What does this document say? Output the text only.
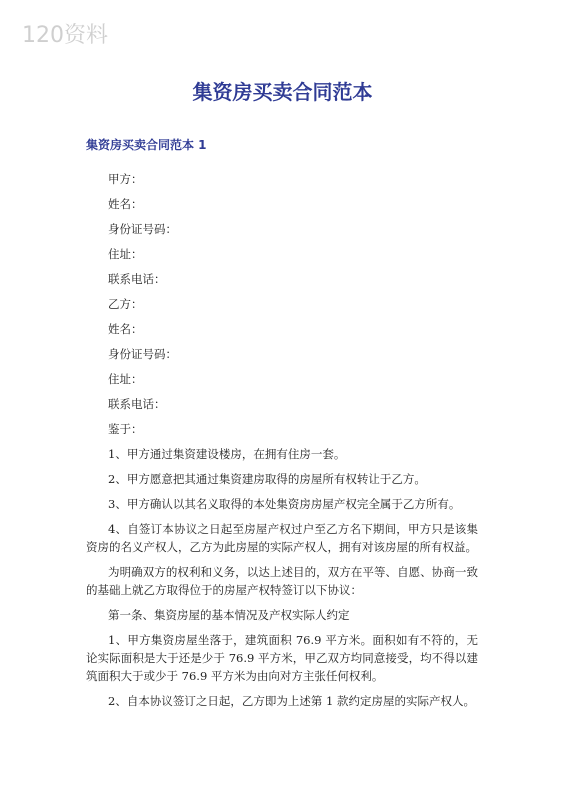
120资料
集资房买卖合同范本
集资房买卖合同范本 1
甲方：
姓名：
身份证号码：
住址：
联系电话：
乙方：
姓名：
身份证号码：
住址：
联系电话：
鉴于：

1、甲方通过集资建设楼房，在拥有住房一套。

2、甲方愿意把其通过集资建房取得的房屋所有权转让于乙方。

3、甲方确认以其名义取得的本处集资房房屋产权完全属于乙方所有。

4、自签订本协议之日起至房屋产权过户至乙方名下期间，甲方只是该集资房的名义产权人，乙方为此房屋的实际产权人，拥有对该房屋的所有权益。

为明确双方的权利和义务，以达上述目的，双方在平等、自愿、协商一致的基础上就乙方取得位于的房屋产权特签订以下协议：

第一条、集资房屋的基本情况及产权实际人约定

1、甲方集资房屋坐落于，建筑面积 76.9 平方米。面积如有不符的，无论实际面积是大于还是少于 76.9 平方米，甲乙双方均同意接受，均不得以建筑面积大于或少于 76.9 平方米为由向对方主张任何权利。

2、自本协议签订之日起，乙方即为上述第 1 款约定房屋的实际产权人。
